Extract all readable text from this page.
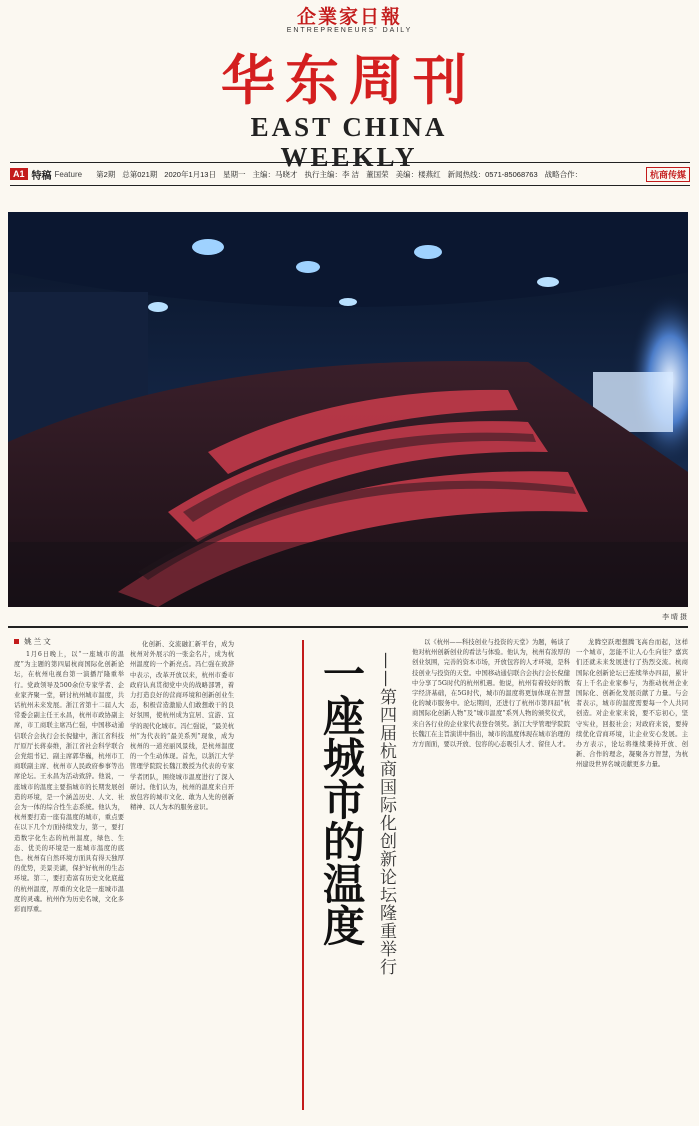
企業家日報
ENTREPRENEURS' DAILY
华东周刊
EAST CHINA WEEKLY
A1 特稿 Feature 第2期 总第021期 2020年1月13日 星期一 主编：马晓才 执行主编：李 洁 董国荣 美编：楼燕红 新闻热线：0571-85068763 战略合作：	杭商传媒
李 晴 摄
姚 兰 文
1月6日晚上，以“一座城市的温度”为主题的第四届杭商国际化创新论坛，在杭州电视台第一演播厅隆重举行。党政领导及500余位专家学者、企业家齐聚一堂，研讨杭州城市温度，共话杭州未来发展。浙江省第十二届人大常委会副主任王永昌，杭州市政协副主席，市工商联主席冯仁强，中国移动通信联合会执行会长倪健中，浙江省科技厅原厅长蒋泰维，浙江省社会科学联合会党组书记、副主席郭华巍，杭州市工商联副主席、杭州市人民政府参事等出席论坛。王永昌为活动致辞。他说，一座城市的温度主要指城市的长期发展创造的环境，是一个涵盖历史、人文、社会为一体的综合性生态系统。他认为，杭州要打造一座有温度的城市，重点要在以下几个方面持续发力，第一，要打造数字化生态的杭州温度，绿色、生态、优美的环境是一座城市温度的底色。杭州有自然环境方面具有得天独厚的优势，美景美湖，保护好杭州的生态环境。第二，要打造富有历史文化底蕴的杭州温度，厚重的文化是一座城市温度的灵魂。杭州作为历史名城，文化多彩而厚重。
化创新、交流融汇新平台，成为杭州对外展示的一张金名片，成为杭州温度的一个新亮点。冯仁强在致辞中表示，改革开放以来，杭州市委市政府认真贯彻党中央的战略部署，着力打造良好的营商环境和创新创业生态，积极营造激励人们敢想敢干的良好氛围，使杭州成为宜居、宜游、宜学的现代化城市。冯仁强说，“最美杭州”为代表的“最美系列”现象，成为杭州的一道亮丽风景线，是杭州温度的一个生动体现。首先，以浙江大学管理学院院长魏江教授为代表的专家学者团队，围绕城市温度进行了深入研讨。他们认为，杭州的温度来自开放包容的城市文化、敢为人先的创新精神、以人为本的服务意识。	一座城市的温度 ——第四届杭商国际化创新论坛隆重举行
以《杭州——科技创业与投资的天堂》为题，畅谈了他对杭州创新创业的看法与体验。他认为，杭州有浓厚的创业氛围，完善的资本市场，开放包容的人才环境，是科技创业与投资的天堂。中国移动通信联合会执行会长倪健中分享了5G时代的杭州机遇。他说，杭州有着较好的数字经济基础，在5G时代，城市的温度将更加体现在智慧化的城市服务中。论坛期间，还进行了杭州市第四届“杭商国际化创新人物”及“城市温度”系列人物的颁奖仪式，来自各行业的企业家代表登台领奖。浙江大学管理学院院长魏江在主旨演讲中指出，城市的温度体现在城市治理的方方面面，要以开放、包容的心态吸引人才、留住人才。
龙腾空跃理想腾飞高台而起，这样一个城市，怎能不让人心生向往？嘉宾们还就未来发展进行了热烈交流。杭商国际化创新论坛已连续举办四届，累计有上千名企业家参与，为推动杭州企业国际化、创新化发展贡献了力量。与会者表示，城市的温度需要每一个人共同创造。对企业家来说，要不忘初心，坚守实业，回报社会；对政府来说，要持续优化营商环境，让企业安心发展。主办方表示，论坛将继续秉持开放、创新、合作的理念，凝聚各方智慧，为杭州建设世界名城贡献更多力量。
